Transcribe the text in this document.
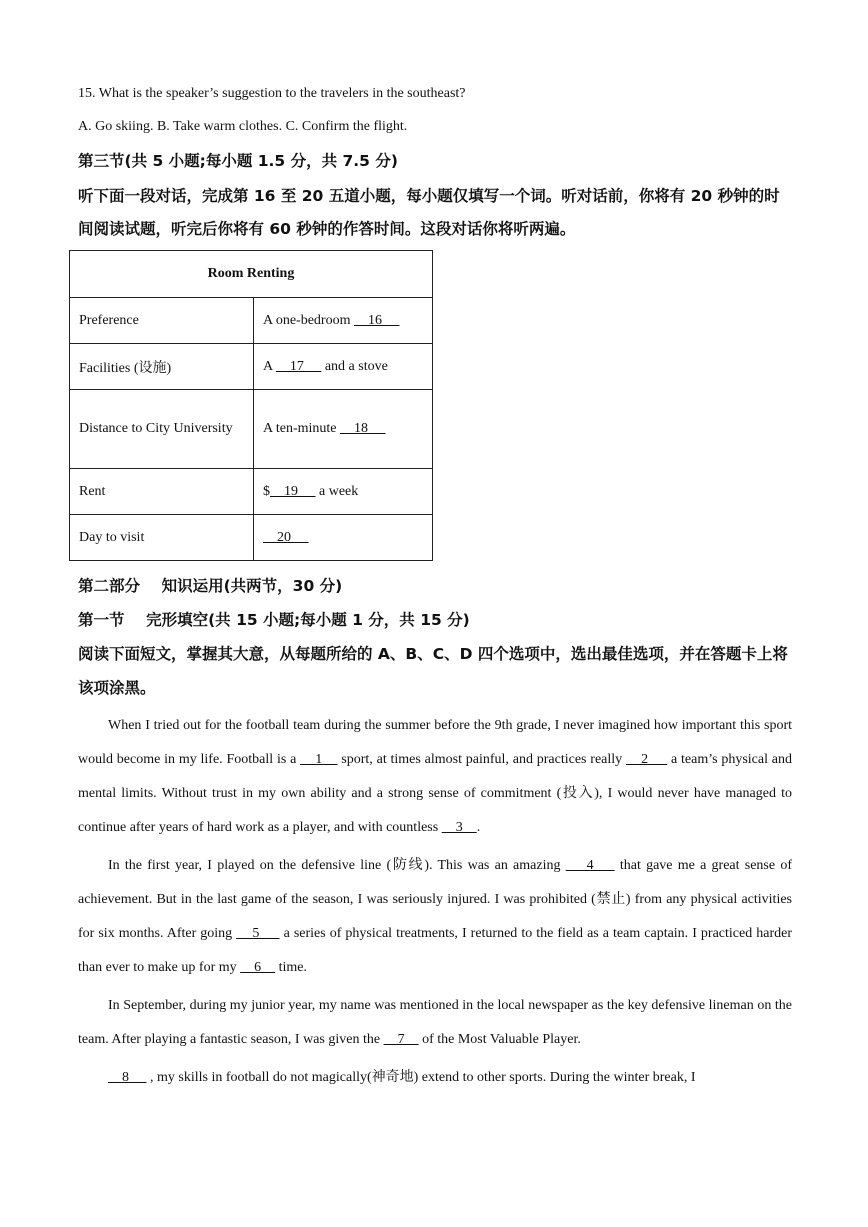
15. What is the speaker’s suggestion to the travelers in the southeast?
A. Go skiing. B. Take warm clothes. C. Confirm the flight.
第三节(共 5 小题;每小题 1.5 分，共 7.5 分)
听下面一段对话，完成第 16 至 20 五道小题，每小题仅填写一个词。听对话前，你将有 20 秒钟的时间阅读试题，听完后你将有 60 秒钟的作答时间。这段对话你将听两遍。
Room Renting	
Preference	A one-bedroom     16
Facilities (设施)	A     17      and a stove
Distance to City University	A ten-minute     18
Rent	$    19      a week
Day to visit	20
第二部分    知识运用(共两节，30 分)
第一节    完形填空(共 15 小题;每小题 1 分，共 15 分)
阅读下面短文，掌握其大意，从每题所给的 A、B、C、D 四个选项中，选出最佳选项，并在答题卡上将该项涂黑。
When I tried out for the football team during the summer before the 9th grade, I never imagined how important this sport would become in my life. Football is a     1     sport, at times almost painful, and practices really     2      a team’s physical and mental limits. Without trust in my own ability and a strong sense of commitment (投入), I would never have managed to continue after years of hard work as a player, and with countless     3    .
In the first year, I played on the defensive line (防线). This was an amazing     4     that gave me a great sense of achievement. But in the last game of the season, I was seriously injured. I was prohibited (禁止) from any physical activities for six months. After going     5      a series of physical treatments, I returned to the field as a team captain. I practiced harder than ever to make up for my     6     time.
In September, during my junior year, my name was mentioned in the local newspaper as the key defensive lineman on the team. After playing a fantastic season, I was given the     7     of the Most Valuable Player.
8      , my skills in football do not magically(神奇地) extend to other sports. During the winter break, I
